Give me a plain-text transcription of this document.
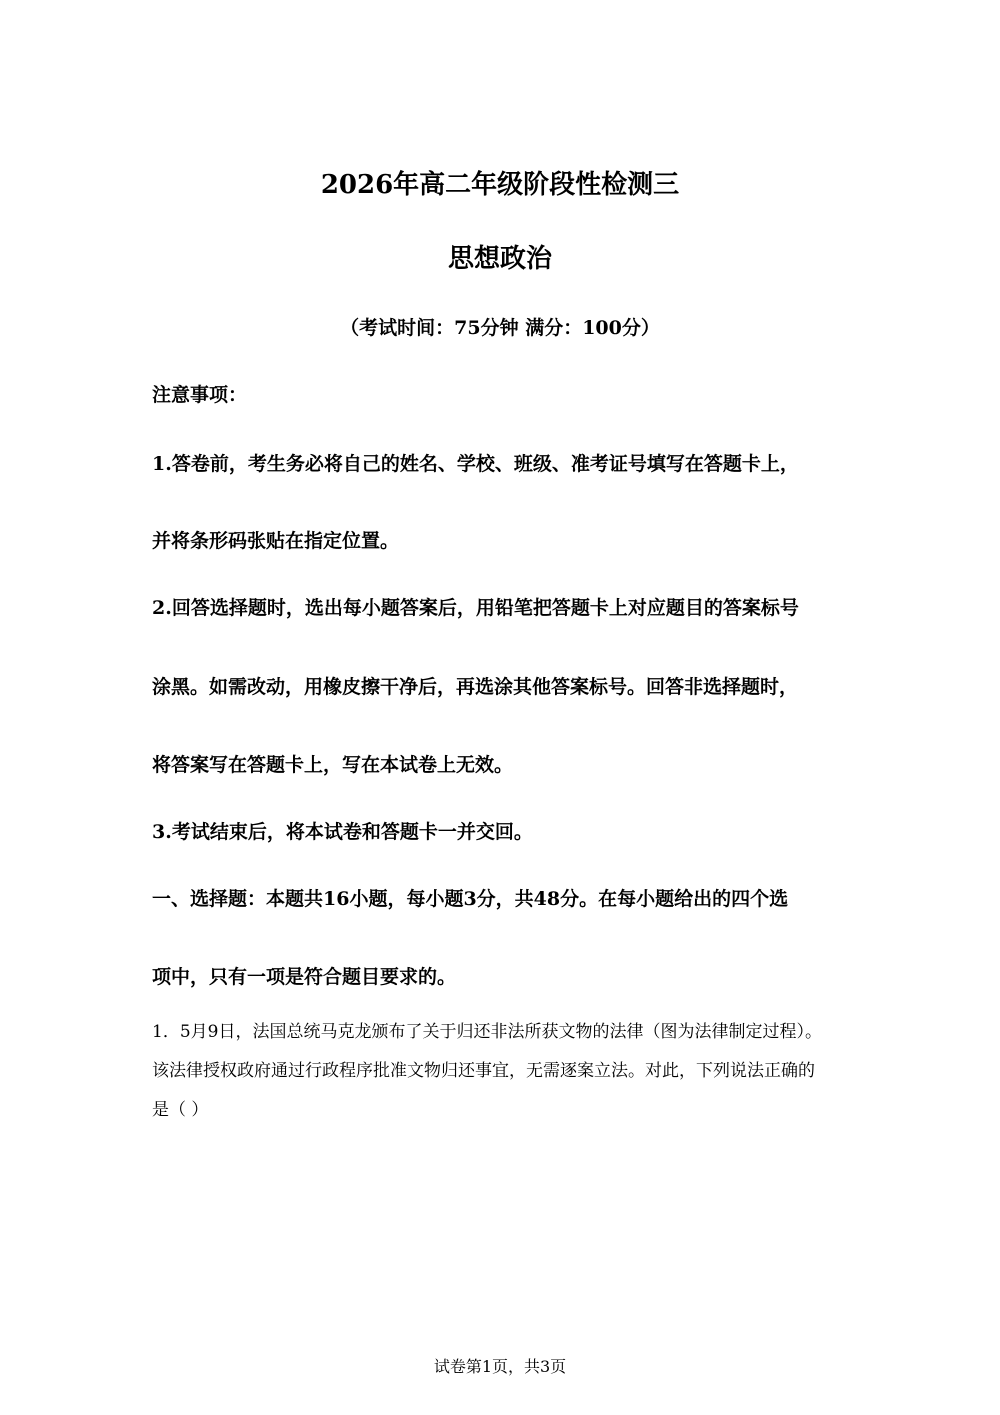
2026年高二年级阶段性检测三
思想政治
（考试时间：75分钟 满分：100分）
注意事项：
1.答卷前，考生务必将自己的姓名、学校、班级、准考证号填写在答题卡上，
并将条形码张贴在指定位置。
2.回答选择题时，选出每小题答案后，用铅笔把答题卡上对应题目的答案标号
涂黑。如需改动，用橡皮擦干净后，再选涂其他答案标号。回答非选择题时，
将答案写在答题卡上，写在本试卷上无效。
3.考试结束后，将本试卷和答题卡一并交回。
一、选择题：本题共16小题，每小题3分，共48分。在每小题给出的四个选
项中，只有一项是符合题目要求的。
1．5月9日，法国总统马克龙颁布了关于归还非法所获文物的法律（图为法律制定过程）。
该法律授权政府通过行政程序批准文物归还事宜，无需逐案立法。对此，下列说法正确的
是（ ）
试卷第1页，共3页
